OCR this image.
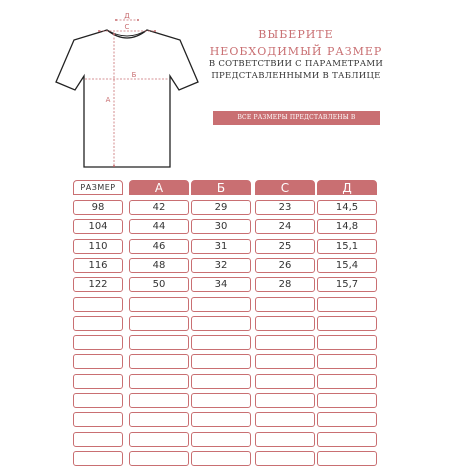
Д
С
Б
А
ВЫБЕРИТЕ
НЕОБХОДИМЫЙ РАЗМЕР
В СОТВЕТСТВИИ С ПАРАМЕТРАМИ
ПРЕДСТАВЛЕННЫМИ В ТАБЛИЦЕ
ВСЕ РАЗМЕРЫ ПРЕДСТАВЛЕНЫ В САНТИМЕТРАХ
РАЗМЕР	А	Б	С	Д
98	42	29	23	14,5
104	44	30	24	14,8
110	46	31	25	15,1
116	48	32	26	15,4
122	50	34	28	15,7
